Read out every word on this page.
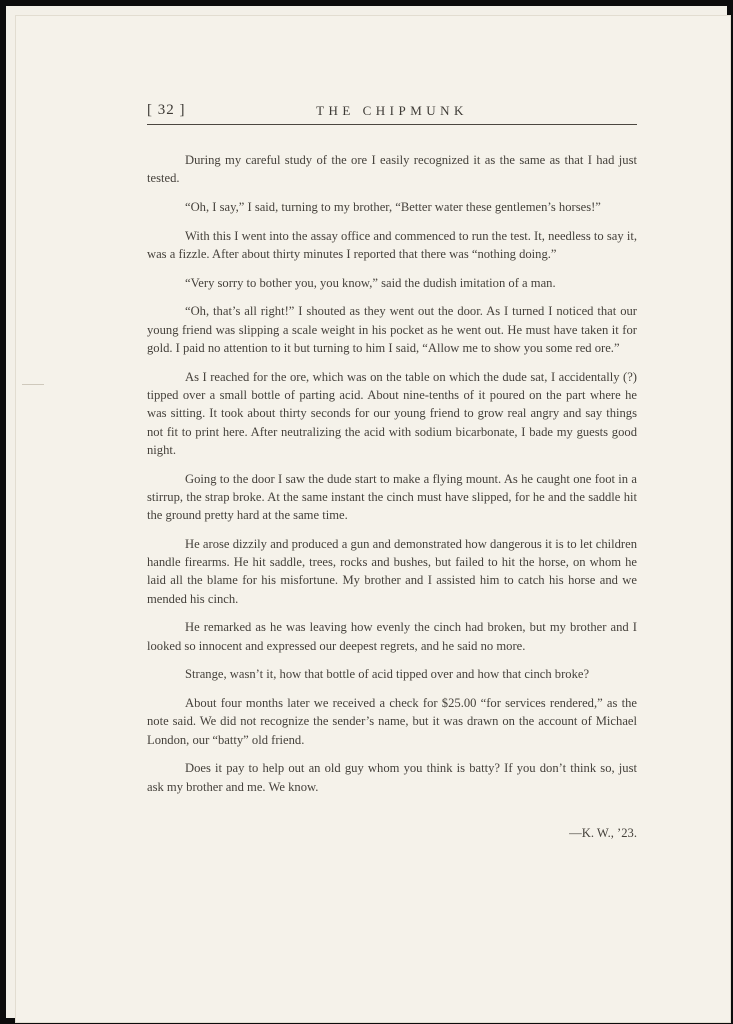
[ 32 ]	THE CHIPMUNK

During my careful study of the ore I easily recognized it as the same as that I had just tested.

“Oh, I say,” I said, turning to my brother, “Better water these gentlemen’s horses!”

With this I went into the assay office and commenced to run the test. It, needless to say it, was a fizzle. After about thirty minutes I reported that there was “nothing doing.”

“Very sorry to bother you, you know,” said the dudish imitation of a man.

“Oh, that’s all right!” I shouted as they went out the door. As I turned I noticed that our young friend was slipping a scale weight in his pocket as he went out. He must have taken it for gold. I paid no attention to it but turning to him I said, “Allow me to show you some red ore.”

As I reached for the ore, which was on the table on which the dude sat, I accidentally (?) tipped over a small bottle of parting acid. About nine-tenths of it poured on the part where he was sitting. It took about thirty seconds for our young friend to grow real angry and say things not fit to print here. After neutralizing the acid with sodium bicarbonate, I bade my guests good night.

Going to the door I saw the dude start to make a flying mount. As he caught one foot in a stirrup, the strap broke. At the same instant the cinch must have slipped, for he and the saddle hit the ground pretty hard at the same time.

He arose dizzily and produced a gun and demonstrated how dangerous it is to let children handle firearms. He hit saddle, trees, rocks and bushes, but failed to hit the horse, on whom he laid all the blame for his misfortune. My brother and I assisted him to catch his horse and we mended his cinch.

He remarked as he was leaving how evenly the cinch had broken, but my brother and I looked so innocent and expressed our deepest regrets, and he said no more.

Strange, wasn’t it, how that bottle of acid tipped over and how that cinch broke?

About four months later we received a check for $25.00 “for services rendered,” as the note said. We did not recognize the sender’s name, but it was drawn on the account of Michael London, our “batty” old friend.

Does it pay to help out an old guy whom you think is batty? If you don’t think so, just ask my brother and me. We know.

—K. W., ’23.
